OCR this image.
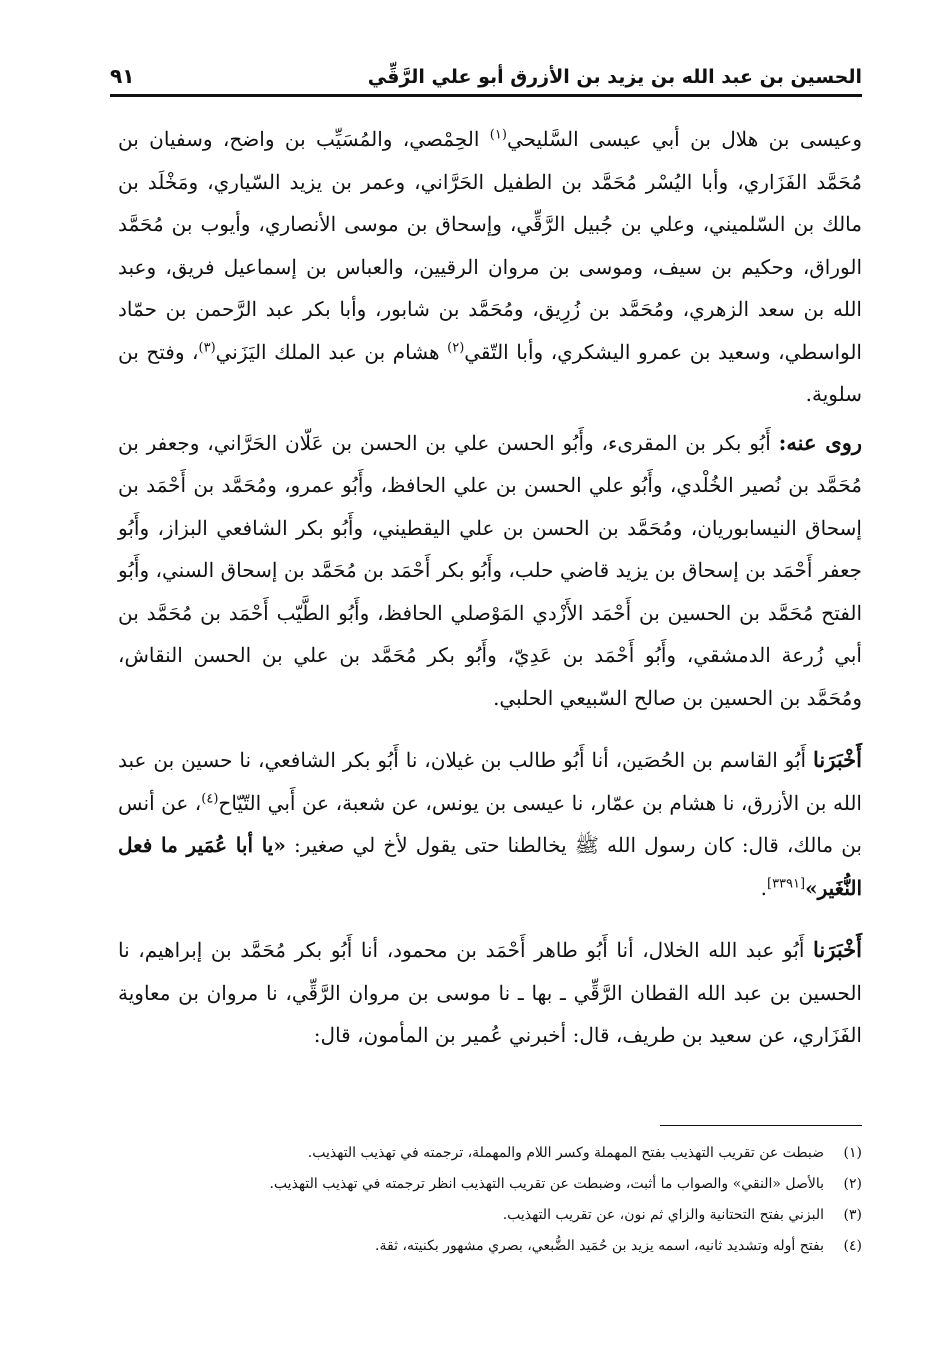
الحسين بن عبد الله بن يزيد بن الأزرق أبو علي الرَّقِّي
٩١

وعيسى بن هلال بن أبي عيسى السَّليحي$^{(١)}$ الحِمْصي، والمُسَيِّب بن واضح، وسفيان بن مُحَمَّد الفَزَاري، وأبا اليُسْر مُحَمَّد بن الطفيل الحَرَّاني، وعمر بن يزيد السّياري، ومَخْلَد بن مالك بن السّلميني، وعلي بن جُبيل الرَّقِّي، وإسحاق بن موسى الأنصاري، وأيوب بن مُحَمَّد الوراق، وحكيم بن سيف، وموسى بن مروان الرقيين، والعباس بن إسماعيل فريق، وعبد الله بن سعد الزهري، ومُحَمَّد بن زُرِيق، ومُحَمَّد بن شابور، وأبا بكر عبد الرَّحمن بن حمّاد الواسطي، وسعيد بن عمرو اليشكري، وأبا التّقي$^{(٢)}$ هشام بن عبد الملك اليَزَني$^{(٣)}$، وفتح بن سلوية.

روى عنه: أَبُو بكر بن المقرىء، وأَبُو الحسن علي بن الحسن بن عَلّان الحَرَّاني، وجعفر بن مُحَمَّد بن نُصير الخُلْدي، وأَبُو علي الحسن بن علي الحافظ، وأَبُو عمرو، ومُحَمَّد بن أَحْمَد بن إسحاق النيسابوريان، ومُحَمَّد بن الحسن بن علي اليقطيني، وأَبُو بكر الشافعي البزاز، وأَبُو جعفر أَحْمَد بن إسحاق بن يزيد قاضي حلب، وأَبُو بكر أَحْمَد بن مُحَمَّد بن إسحاق السني، وأَبُو الفتح مُحَمَّد بن الحسين بن أَحْمَد الأَزْدي المَوْصلي الحافظ، وأَبُو الطَّيّب أَحْمَد بن مُحَمَّد بن أبي زُرعة الدمشقي، وأَبُو أَحْمَد بن عَدِيّ، وأَبُو بكر مُحَمَّد بن علي بن الحسن النقاش، ومُحَمَّد بن الحسين بن صالح السّبيعي الحلبي.

أَخْبَرَنا أَبُو القاسم بن الحُصَين، أنا أَبُو طالب بن غيلان، نا أَبُو بكر الشافعي، نا حسين بن عبد الله بن الأزرق، نا هشام بن عمّار، نا عيسى بن يونس، عن شعبة، عن أَبي التّيّاح$^{(٤)}$، عن أنس بن مالك، قال: كان رسول الله ﷺ يخالطنا حتى يقول لأخ لي صغير: «يا أبا عُمَير ما فعل النُّغَير»[٣٣٩١].

أَخْبَرَنا أَبُو عبد الله الخلال، أنا أَبُو طاهر أَحْمَد بن محمود، أنا أَبُو بكر مُحَمَّد بن إبراهيم، نا الحسين بن عبد الله القطان الرَّقِّي ـ بها ـ نا موسى بن مروان الرَّقِّي، نا مروان بن معاوية الفَزَاري، عن سعيد بن طريف، قال: أخبرني عُمير بن المأمون، قال:

(١)
ضبطت عن تقريب التهذيب بفتح المهملة وكسر اللام والمهملة، ترجمته في تهذيب التهذيب.
(٢)
بالأصل «النقي» والصواب ما أثبت، وضبطت عن تقريب التهذيب انظر ترجمته في تهذيب التهذيب.
(٣)
البزني بفتح التحتانية والزاي ثم نون، عن تقريب التهذيب.
(٤)
بفتح أوله وتشديد ثانيه، اسمه يزيد بن حُمَيد الضُّبعي، بصري مشهور بكنيته، ثقة.
